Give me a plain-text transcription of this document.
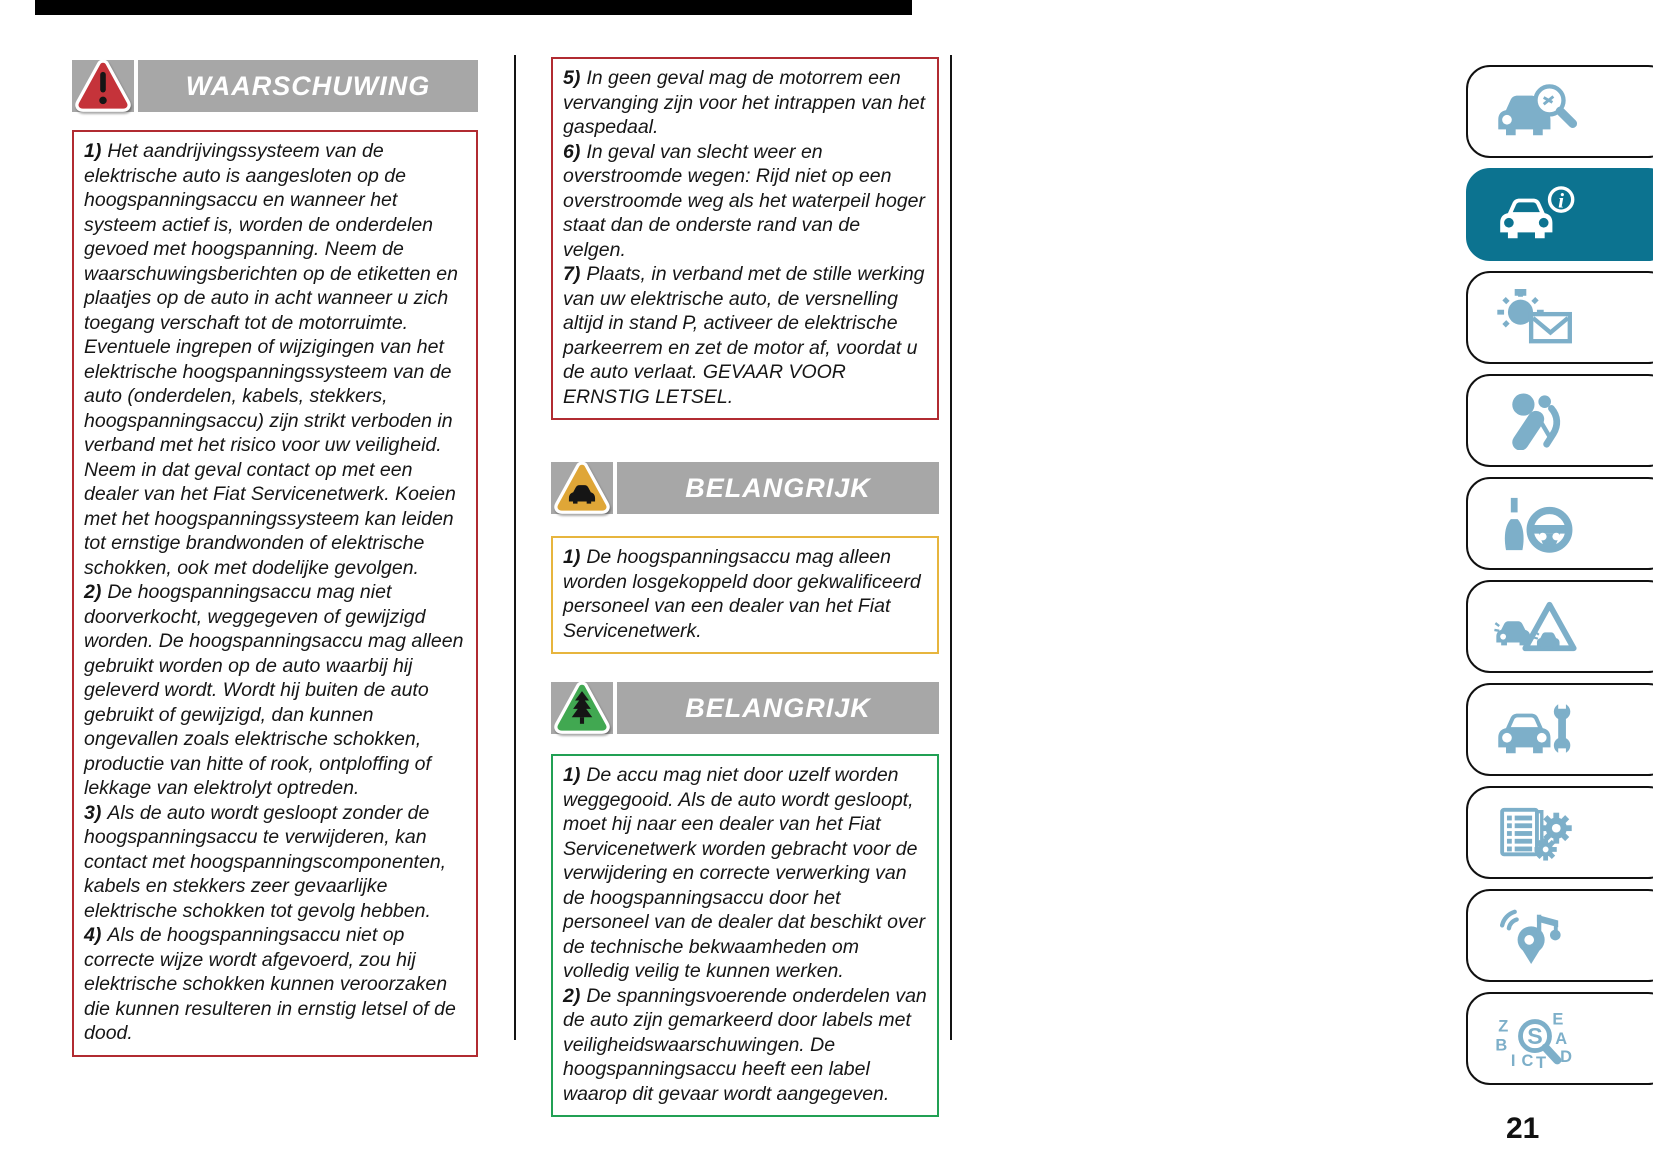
WAARSCHUWING

1) Het aandrijvingssysteem van de elektrische auto is aangesloten op de hoogspanningsaccu en wanneer het systeem actief is, worden de onderdelen gevoed met hoogspanning. Neem de waarschuwingsberichten op de etiketten en plaatjes op de auto in acht wanneer u zich toegang verschaft tot de motorruimte. Eventuele ingrepen of wijzigingen van het elektrische hoogspanningssysteem van de auto (onderdelen, kabels, stekkers, hoogspanningsaccu) zijn strikt verboden in verband met het risico voor uw veiligheid. Neem in dat geval contact op met een dealer van het Fiat Servicenetwerk. Koeien met het hoogspanningssysteem kan leiden tot ernstige brandwonden of elektrische schokken, ook met dodelijke gevolgen.

2) De hoogspanningsaccu mag niet doorverkocht, weggegeven of gewijzigd worden. De hoogspanningsaccu mag alleen gebruikt worden op de auto waarbij hij geleverd wordt. Wordt hij buiten de auto gebruikt of gewijzigd, dan kunnen ongevallen zoals elektrische schokken, productie van hitte of rook, ontploffing of lekkage van elektrolyt optreden.

3) Als de auto wordt gesloopt zonder de hoogspanningsaccu te verwijderen, kan contact met hoogspanningscomponenten, kabels en stekkers zeer gevaarlijke elektrische schokken tot gevolg hebben.

4) Als de hoogspanningsaccu niet op correcte wijze wordt afgevoerd, zou hij elektrische schokken kunnen veroorzaken die kunnen resulteren in ernstig letsel of de dood.

5) In geen geval mag de motorrem een vervanging zijn voor het intrappen van het gaspedaal.

6) In geval van slecht weer en overstroomde wegen: Rijd niet op een overstroomde weg als het waterpeil hoger staat dan de onderste rand van de velgen.

7) Plaats, in verband met de stille werking van uw elektrische auto, de versnelling altijd in stand P, activeer de elektrische parkeerrem en zet de motor af, voordat u de auto verlaat. GEVAAR VOOR ERNSTIG LETSEL.

BELANGRIJK

1) De hoogspanningsaccu mag alleen worden losgekoppeld door gekwalificeerd personeel van een dealer van het Fiat Servicenetwerk.

BELANGRIJK

1) De accu mag niet door uzelf worden weggegooid. Als de auto wordt gesloopt, moet hij naar een dealer van het Fiat Servicenetwerk worden gebracht voor de verwijdering en correcte verwerking van de hoogspanningsaccu door het personeel van de dealer dat beschikt over de technische bekwaamheden om volledig veilig te kunnen werken.

2) De spanningsvoerende onderdelen van de auto zijn gemarkeerd door labels met veiligheidswaarschuwingen. De hoogspanningsaccu heeft een label waarop dit gevaar wordt aangegeven.

i
Z	E
B	A
I C T D
S
21
